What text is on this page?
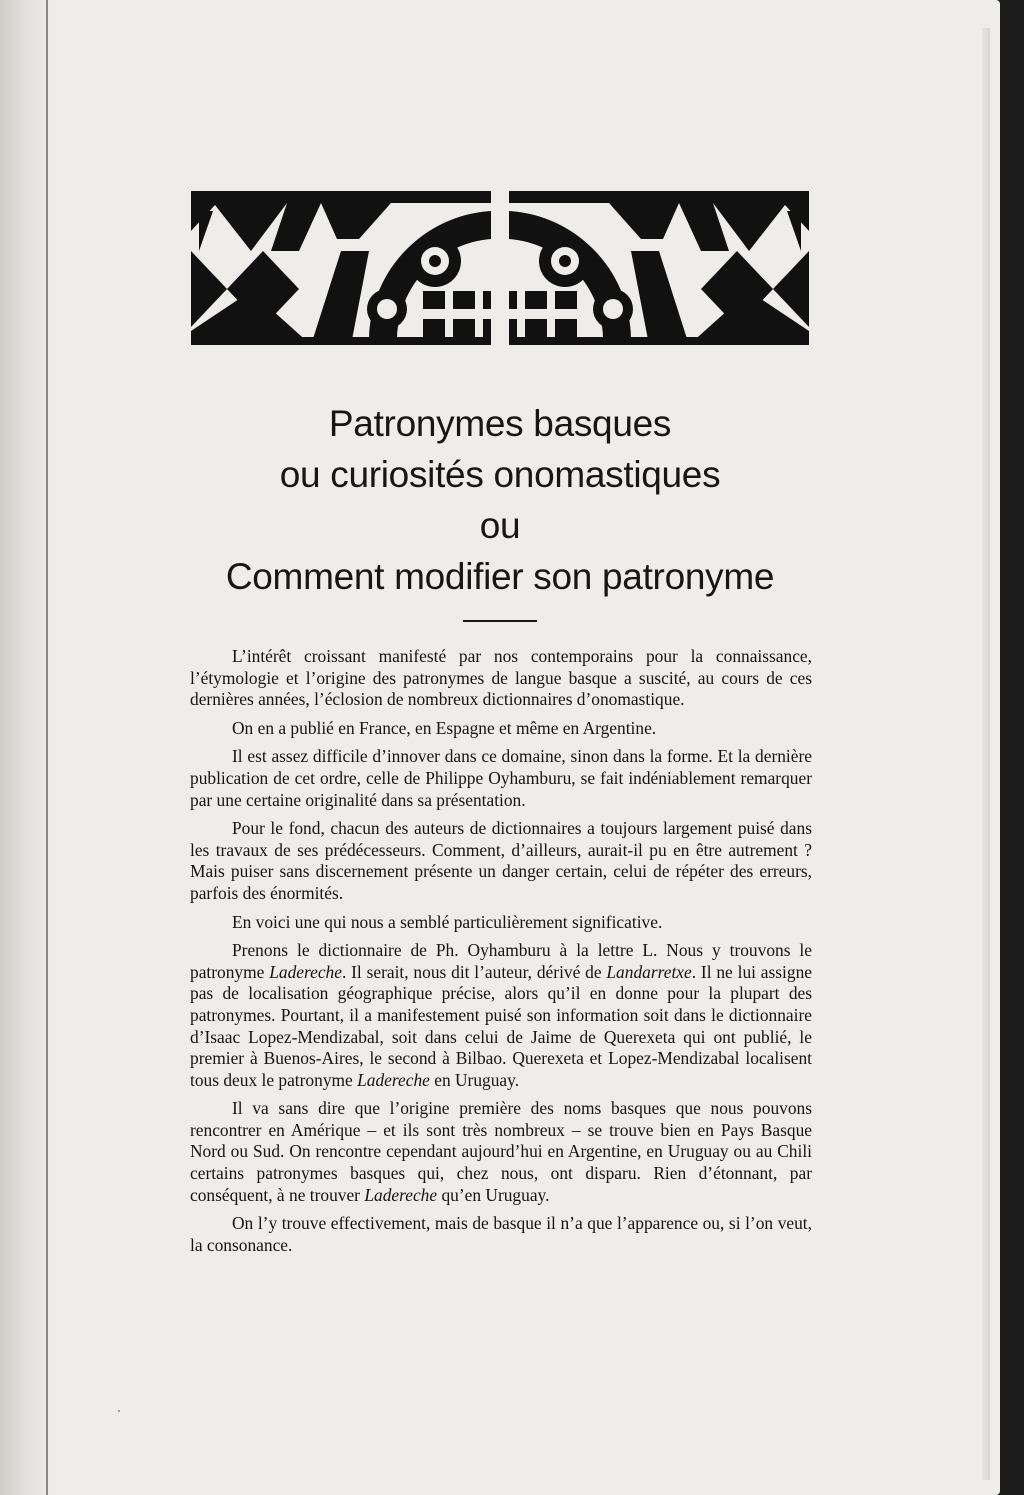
Patronymes basques
ou curiosités onomastiques
ou
Comment modifier son patronyme

L’intérêt croissant manifesté par nos contemporains pour la connaissance, l’étymologie et l’origine des patronymes de langue basque a suscité, au cours de ces dernières années, l’éclosion de nombreux dictionnaires d’onomastique.

On en a publié en France, en Espagne et même en Argentine.

Il est assez difficile d’innover dans ce domaine, sinon dans la forme. Et la dernière publication de cet ordre, celle de Philippe Oyhamburu, se fait indéniablement remarquer par une certaine originalité dans sa présentation.

Pour le fond, chacun des auteurs de dictionnaires a toujours largement puisé dans les travaux de ses prédécesseurs. Comment, d’ailleurs, aurait-il pu en être autrement ? Mais puiser sans discernement présente un danger certain, celui de répéter des erreurs, parfois des énormités.

En voici une qui nous a semblé particulièrement significative.

Prenons le dictionnaire de Ph. Oyhamburu à la lettre L. Nous y trouvons le patronyme Ladereche. Il serait, nous dit l’auteur, dérivé de Landarretxe. Il ne lui assigne pas de localisation géographique précise, alors qu’il en donne pour la plupart des patronymes. Pourtant, il a manifestement puisé son information soit dans le dictionnaire d’Isaac Lopez-Mendizabal, soit dans celui de Jaime de Querexeta qui ont publié, le premier à Buenos-Aires, le second à Bilbao. Querexeta et Lopez-Mendizabal localisent tous deux le patronyme Ladereche en Uruguay.

Il va sans dire que l’origine première des noms basques que nous pouvons rencontrer en Amérique – et ils sont très nombreux – se trouve bien en Pays Basque Nord ou Sud. On rencontre cependant aujourd’hui en Argentine, en Uruguay ou au Chili certains patronymes basques qui, chez nous, ont disparu. Rien d’étonnant, par conséquent, à ne trouver Ladereche qu’en Uruguay.

On l’y trouve effectivement, mais de basque il n’a que l’apparence ou, si l’on veut, la consonance.
